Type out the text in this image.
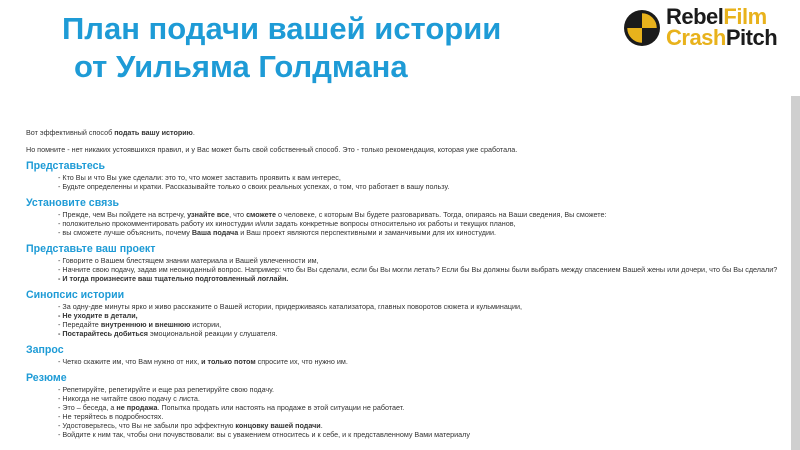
План подачи вашей истории
от Уильяма Голдмана
RebelFilm
CrashPitch

Вот эффективный способ подать вашу историю.

Но помните - нет никаких устоявшихся правил, и у Вас может быть свой собственный способ. Это - только рекомендация, которая уже сработала.

Представьтесь
- Кто Вы и что Вы уже сделали: это то, что может заставить проявить к вам интерес,
- Будьте определенны и кратки. Рассказывайте только о своих реальных успехах, о том, что работает в вашу пользу.
Установите связь
- Прежде, чем Вы пойдете на встречу, узнайте все, что сможете о человеке, с которым Вы будете разговаривать. Тогда, опираясь на Ваши сведения, Вы сможете:
- положительно прокомментировать работу их киностудии и/или задать конкретные вопросы относительно их работы и текущих планов,
- вы сможете лучше объяснить, почему Ваша подача и Ваш проект являются перспективными и заманчивыми для их киностудии.
Представьте ваш проект
- Говорите о Вашем блестящем знании материала и Вашей увлеченности им,
- Начните свою подачу, задав им неожиданный вопрос. Например: что бы Вы сделали, если бы Вы могли летать? Если бы Вы должны были выбрать между спасением Вашей жены или дочери, что бы Вы сделали?
- И тогда произнесите ваш тщательно подготовленный логлайн.
Синопсис истории
- За одну-две минуты ярко и живо расскажите о Вашей истории, придерживаясь катализатора, главных поворотов сюжета и кульминации,
- Не уходите в детали,
- Передайте внутреннюю и внешнюю истории,
- Постарайтесь добиться эмоциональной реакции у слушателя.
Запрос
- Четко скажите им, что Вам нужно от них, и только потом спросите их, что нужно им.
Резюме
- Репетируйте, репетируйте и еще раз репетируйте свою подачу.
- Никогда не читайте свою подачу с листа.
- Это – беседа, а не продажа. Попытка продать или настоять на продаже в этой ситуации не работает.
- Не теряйтесь в подробностях.
- Удостоверьтесь, что Вы не забыли про эффектную концовку вашей подачи.
- Войдите к ним так, чтобы они почувствовали: вы с уважением относитесь и к себе, и к представленному Вами материалу
